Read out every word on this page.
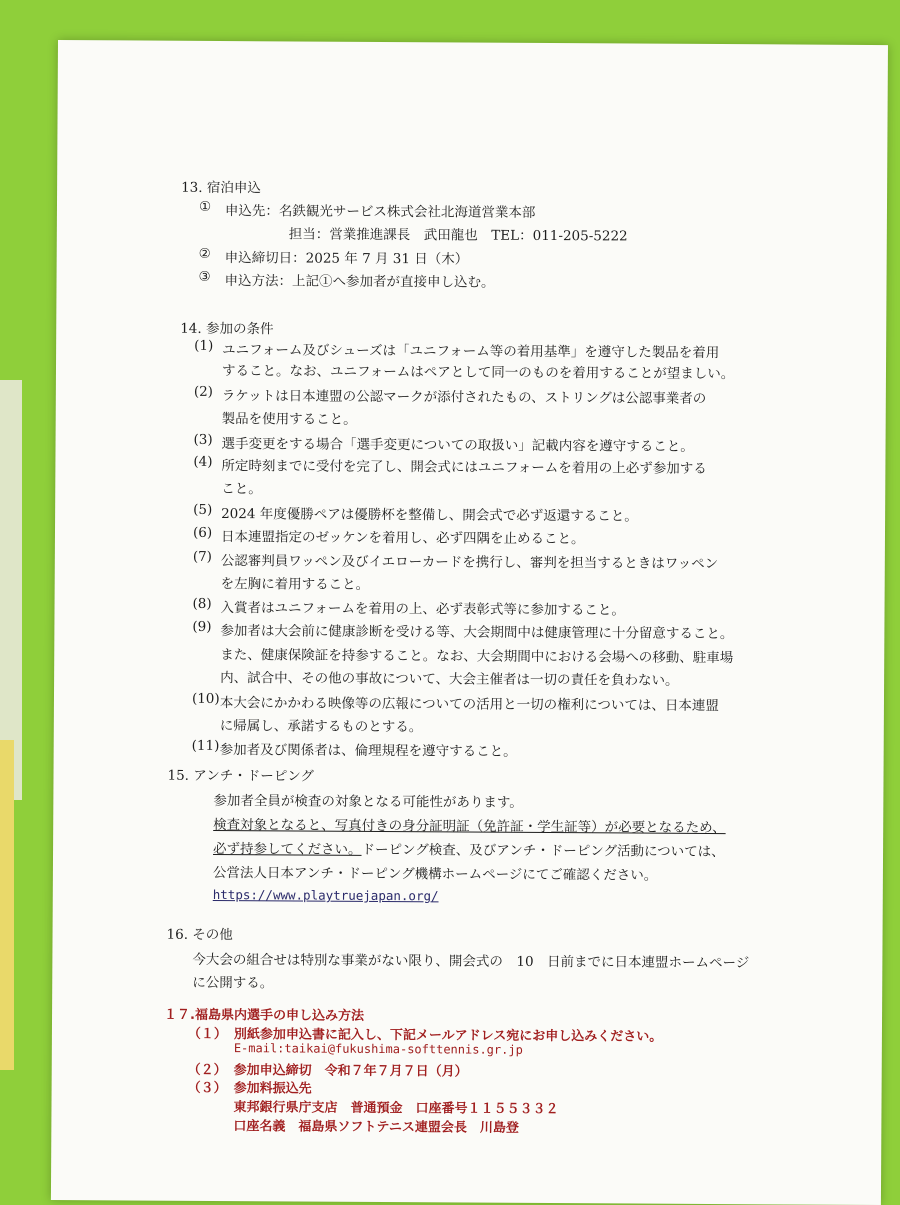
13. 宿泊申込
① 申込先：名鉄観光サービス株式会社北海道営業本部
担当：営業推進課長　武田龍也　TEL：011-205-5222
② 申込締切日：2025 年 7 月 31 日（木）
③ 申込方法：上記①へ参加者が直接申し込む。
14. 参加の条件
(1) ユニフォーム及びシューズは「ユニフォーム等の着用基準」を遵守した製品を着用
すること。なお、ユニフォームはペアとして同一のものを着用することが望ましい。
(2) ラケットは日本連盟の公認マークが添付されたもの、ストリングは公認事業者の
製品を使用すること。
(3) 選手変更をする場合「選手変更についての取扱い」記載内容を遵守すること。
(4) 所定時刻までに受付を完了し、開会式にはユニフォームを着用の上必ず参加する
こと。
(5) 2024 年度優勝ペアは優勝杯を整備し、開会式で必ず返還すること。
(6) 日本連盟指定のゼッケンを着用し、必ず四隅を止めること。
(7) 公認審判員ワッペン及びイエローカードを携行し、審判を担当するときはワッペン
を左胸に着用すること。
(8) 入賞者はユニフォームを着用の上、必ず表彰式等に参加すること。
(9) 参加者は大会前に健康診断を受ける等、大会期間中は健康管理に十分留意すること。
また、健康保険証を持参すること。なお、大会期間中における会場への移動、駐車場
内、試合中、その他の事故について、大会主催者は一切の責任を負わない。
(10) 本大会にかかわる映像等の広報についての活用と一切の権利については、日本連盟
に帰属し、承諾するものとする。
(11) 参加者及び関係者は、倫理規程を遵守すること。
15. アンチ・ドーピング
参加者全員が検査の対象となる可能性があります。
検査対象となると、写真付きの身分証明証（免許証・学生証等）が必要となるため、
必ず持参してください。ドーピング検査、及びアンチ・ドーピング活動については、
公営法人日本アンチ・ドーピング機構ホームページにてご確認ください。
https://www.playtruejapan.org/
16. その他
今大会の組合せは特別な事業がない限り、開会式の　10　日前までに日本連盟ホームページ
に公開する。
１７.福島県内選手の申し込み方法
（１） 別紙参加申込書に記入し、下記メールアドレス宛にお申し込みください。
E-mail:taikai@fukushima-softtennis.gr.jp
（２） 参加申込締切　令和７年７月７日（月）
（３） 参加料振込先
東邦銀行県庁支店　普通預金　口座番号１１５５３３２
口座名義　福島県ソフトテニス連盟会長　川島登
